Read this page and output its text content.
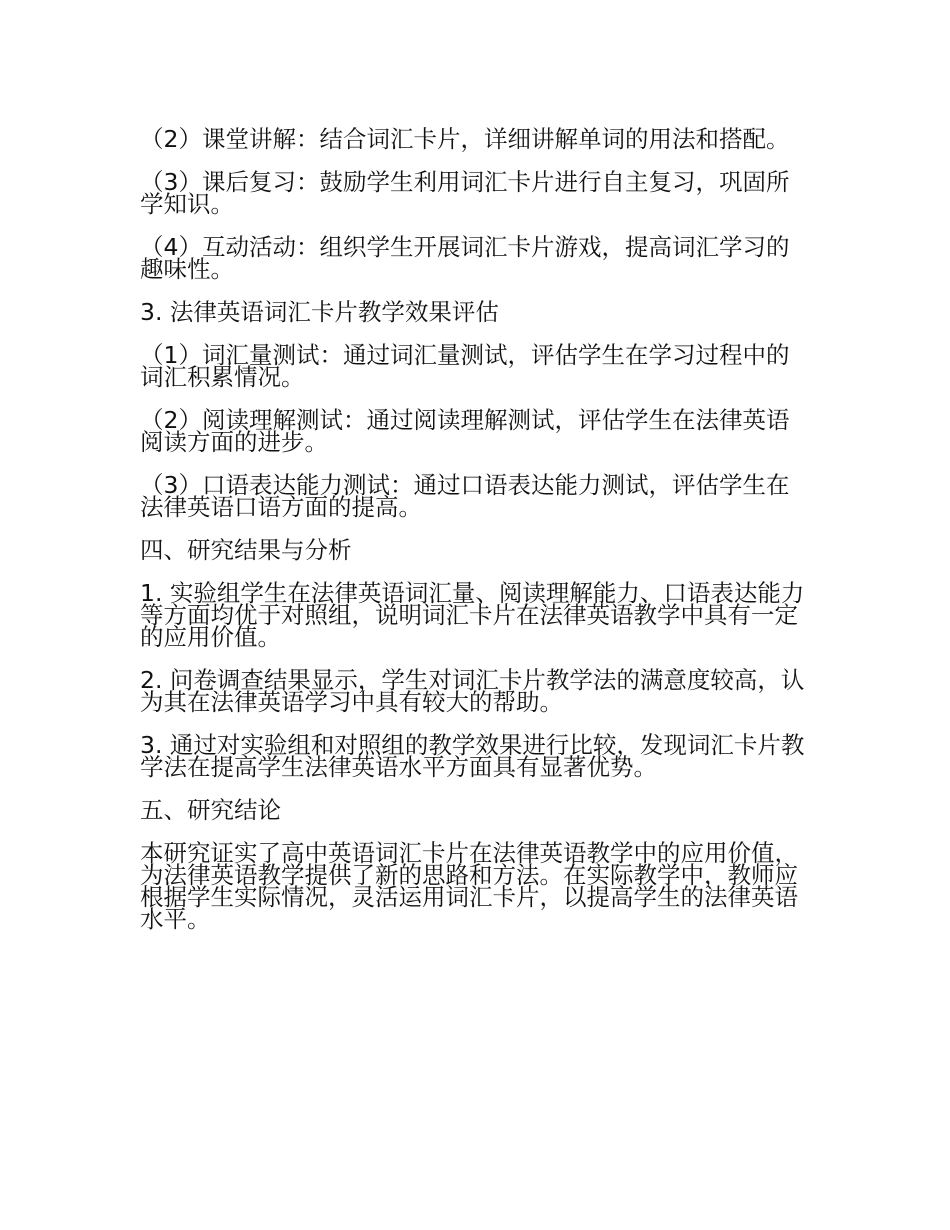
（2）课堂讲解：结合词汇卡片，详细讲解单词的用法和搭配。

（3）课后复习：鼓励学生利用词汇卡片进行自主复习，巩固所学知识。

（4）互动活动：组织学生开展词汇卡片游戏，提高词汇学习的趣味性。

3. 法律英语词汇卡片教学效果评估

（1）词汇量测试：通过词汇量测试，评估学生在学习过程中的词汇积累情况。

（2）阅读理解测试：通过阅读理解测试，评估学生在法律英语阅读方面的进步。

（3）口语表达能力测试：通过口语表达能力测试，评估学生在法律英语口语方面的提高。

四、研究结果与分析

1. 实验组学生在法律英语词汇量、阅读理解能力、口语表达能力等方面均优于对照组，说明词汇卡片在法律英语教学中具有一定的应用价值。

2. 问卷调查结果显示，学生对词汇卡片教学法的满意度较高，认为其在法律英语学习中具有较大的帮助。

3. 通过对实验组和对照组的教学效果进行比较，发现词汇卡片教学法在提高学生法律英语水平方面具有显著优势。

五、研究结论

本研究证实了高中英语词汇卡片在法律英语教学中的应用价值，为法律英语教学提供了新的思路和方法。在实际教学中，教师应根据学生实际情况，灵活运用词汇卡片，以提高学生的法律英语水平。
